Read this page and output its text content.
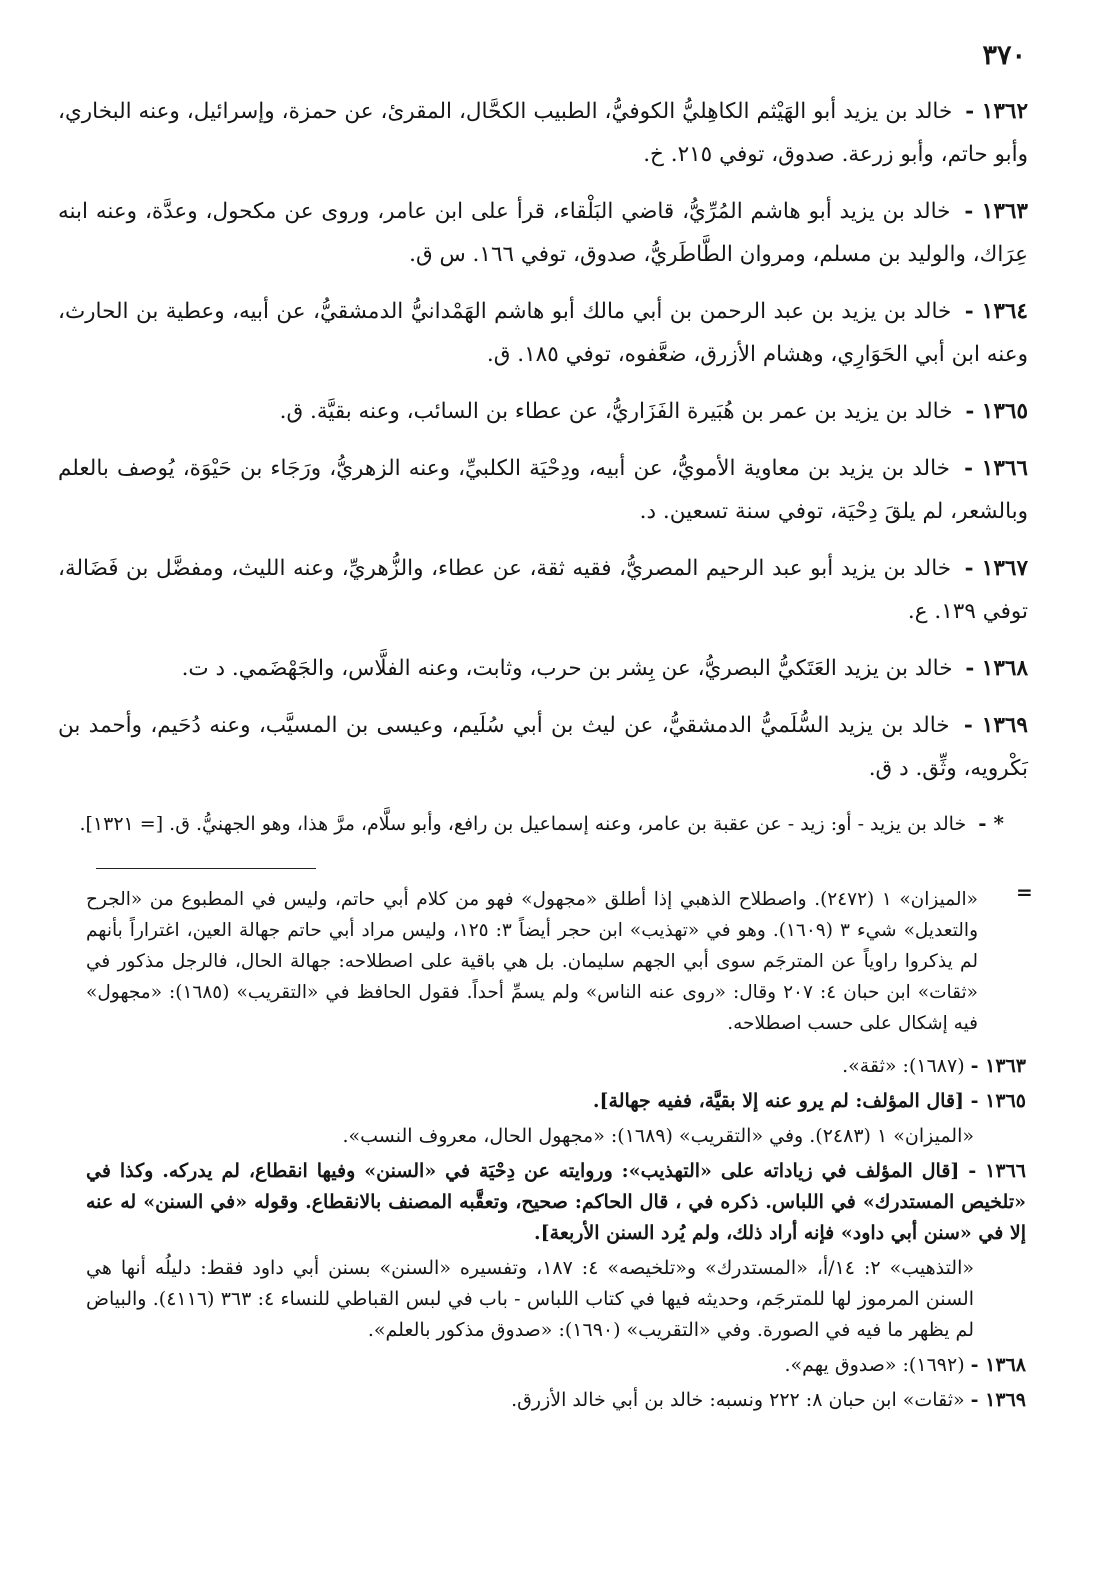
٣٧٠
١٣٦٢ - خالد بن يزيد أبو الهَيْثم الكاهِليُّ الكوفيُّ، الطبيب الكحَّال، المقرئ، عن حمزة، وإسرائيل، وعنه البخاري، وأبو حاتم، وأبو زرعة. صدوق، توفي ٢١٥. خ.
١٣٦٣ - خالد بن يزيد أبو هاشم المُرِّيُّ، قاضي البَلْقاء، قرأ على ابن عامر، وروى عن مكحول، وعدَّة، وعنه ابنه عِرَاك، والوليد بن مسلم، ومروان الطَّاطَريُّ، صدوق، توفي ١٦٦. س ق.
١٣٦٤ - خالد بن يزيد بن عبد الرحمن بن أبي مالك أبو هاشم الهَمْدانيُّ الدمشقيُّ، عن أبيه، وعطية بن الحارث، وعنه ابن أبي الحَوَارِي، وهشام الأزرق، ضعَّفوه، توفي ١٨٥. ق.
١٣٦٥ - خالد بن يزيد بن عمر بن هُبَيرة الفَزَاريُّ، عن عطاء بن السائب، وعنه بقيَّة. ق.
١٣٦٦ - خالد بن يزيد بن معاوية الأمويُّ، عن أبيه، ودِحْيَة الكلبيِّ، وعنه الزهريُّ، ورَجَاء بن حَيْوَة، يُوصف بالعلم وبالشعر، لم يلقَ دِحْيَة، توفي سنة تسعين. د.
١٣٦٧ - خالد بن يزيد أبو عبد الرحيم المصريُّ، فقيه ثقة، عن عطاء، والزُّهريِّ، وعنه الليث، ومفضَّل بن فَضَالة، توفي ١٣٩. ع.
١٣٦٨ - خالد بن يزيد العَتَكيُّ البصريُّ، عن بِشر بن حرب، وثابت، وعنه الفلَّاس، والجَهْضَمي. د ت.
١٣٦٩ - خالد بن يزيد السُّلَميُّ الدمشقيُّ، عن ليث بن أبي سُلَيم، وعيسى بن المسيَّب، وعنه دُحَيم، وأحمد بن بَكْرويه، وثِّق. د ق.
* - خالد بن يزيد - أو: زيد - عن عقبة بن عامر، وعنه إسماعيل بن رافع، وأبو سلَّام، مرَّ هذا، وهو الجهنيُّ. ق. [= ١٣٢١].
=
«الميزان» ١ (٢٤٧٢). واصطلاح الذهبي إذا أطلق «مجهول» فهو من كلام أبي حاتم، وليس في المطبوع من «الجرح والتعديل» شيء ٣ (١٦٠٩). وهو في «تهذيب» ابن حجر أيضاً ٣: ١٢٥، وليس مراد أبي حاتم جهالة العين، اغتراراً بأنهم لم يذكروا راوياً عن المترجَم سوى أبي الجهم سليمان. بل هي باقية على اصطلاحه: جهالة الحال، فالرجل مذكور في «ثقات» ابن حبان ٤: ٢٠٧ وقال: «روى عنه الناس» ولم يسمِّ أحداً. فقول الحافظ في «التقريب» (١٦٨٥): «مجهول» فيه إشكال على حسب اصطلاحه.
١٣٦٣ - (١٦٨٧): «ثقة».
١٣٦٥ - [قال المؤلف: لم يرو عنه إلا بقيَّة، ففيه جهالة].
«الميزان» ١ (٢٤٨٣). وفي «التقريب» (١٦٨٩): «مجهول الحال، معروف النسب».
١٣٦٦ - [قال المؤلف في زياداته على «التهذيب»: وروايته عن دِحْيَة في «السنن» وفيها انقطاع، لم يدركه. وكذا في «تلخيص المستدرك» في اللباس. ذكره في ، قال الحاكم: صحيح، وتعقَّبه المصنف بالانقطاع. وقوله «في السنن» له عنه إلا في «سنن أبي داود» فإنه أراد ذلك، ولم يُرد السنن الأربعة].
«التذهيب» ٢: ١٤/أ، «المستدرك» و«تلخيصه» ٤: ١٨٧، وتفسيره «السنن» بسنن أبي داود فقط: دليلُه أنها هي السنن المرموز لها للمترجَم، وحديثه فيها في كتاب اللباس - باب في لبس القباطي للنساء ٤: ٣٦٣ (٤١١٦). والبياض لم يظهر ما فيه في الصورة. وفي «التقريب» (١٦٩٠): «صدوق مذكور بالعلم».
١٣٦٨ - (١٦٩٢): «صدوق يهم».
١٣٦٩ - «ثقات» ابن حبان ٨: ٢٢٢ ونسبه: خالد بن أبي خالد الأزرق.
